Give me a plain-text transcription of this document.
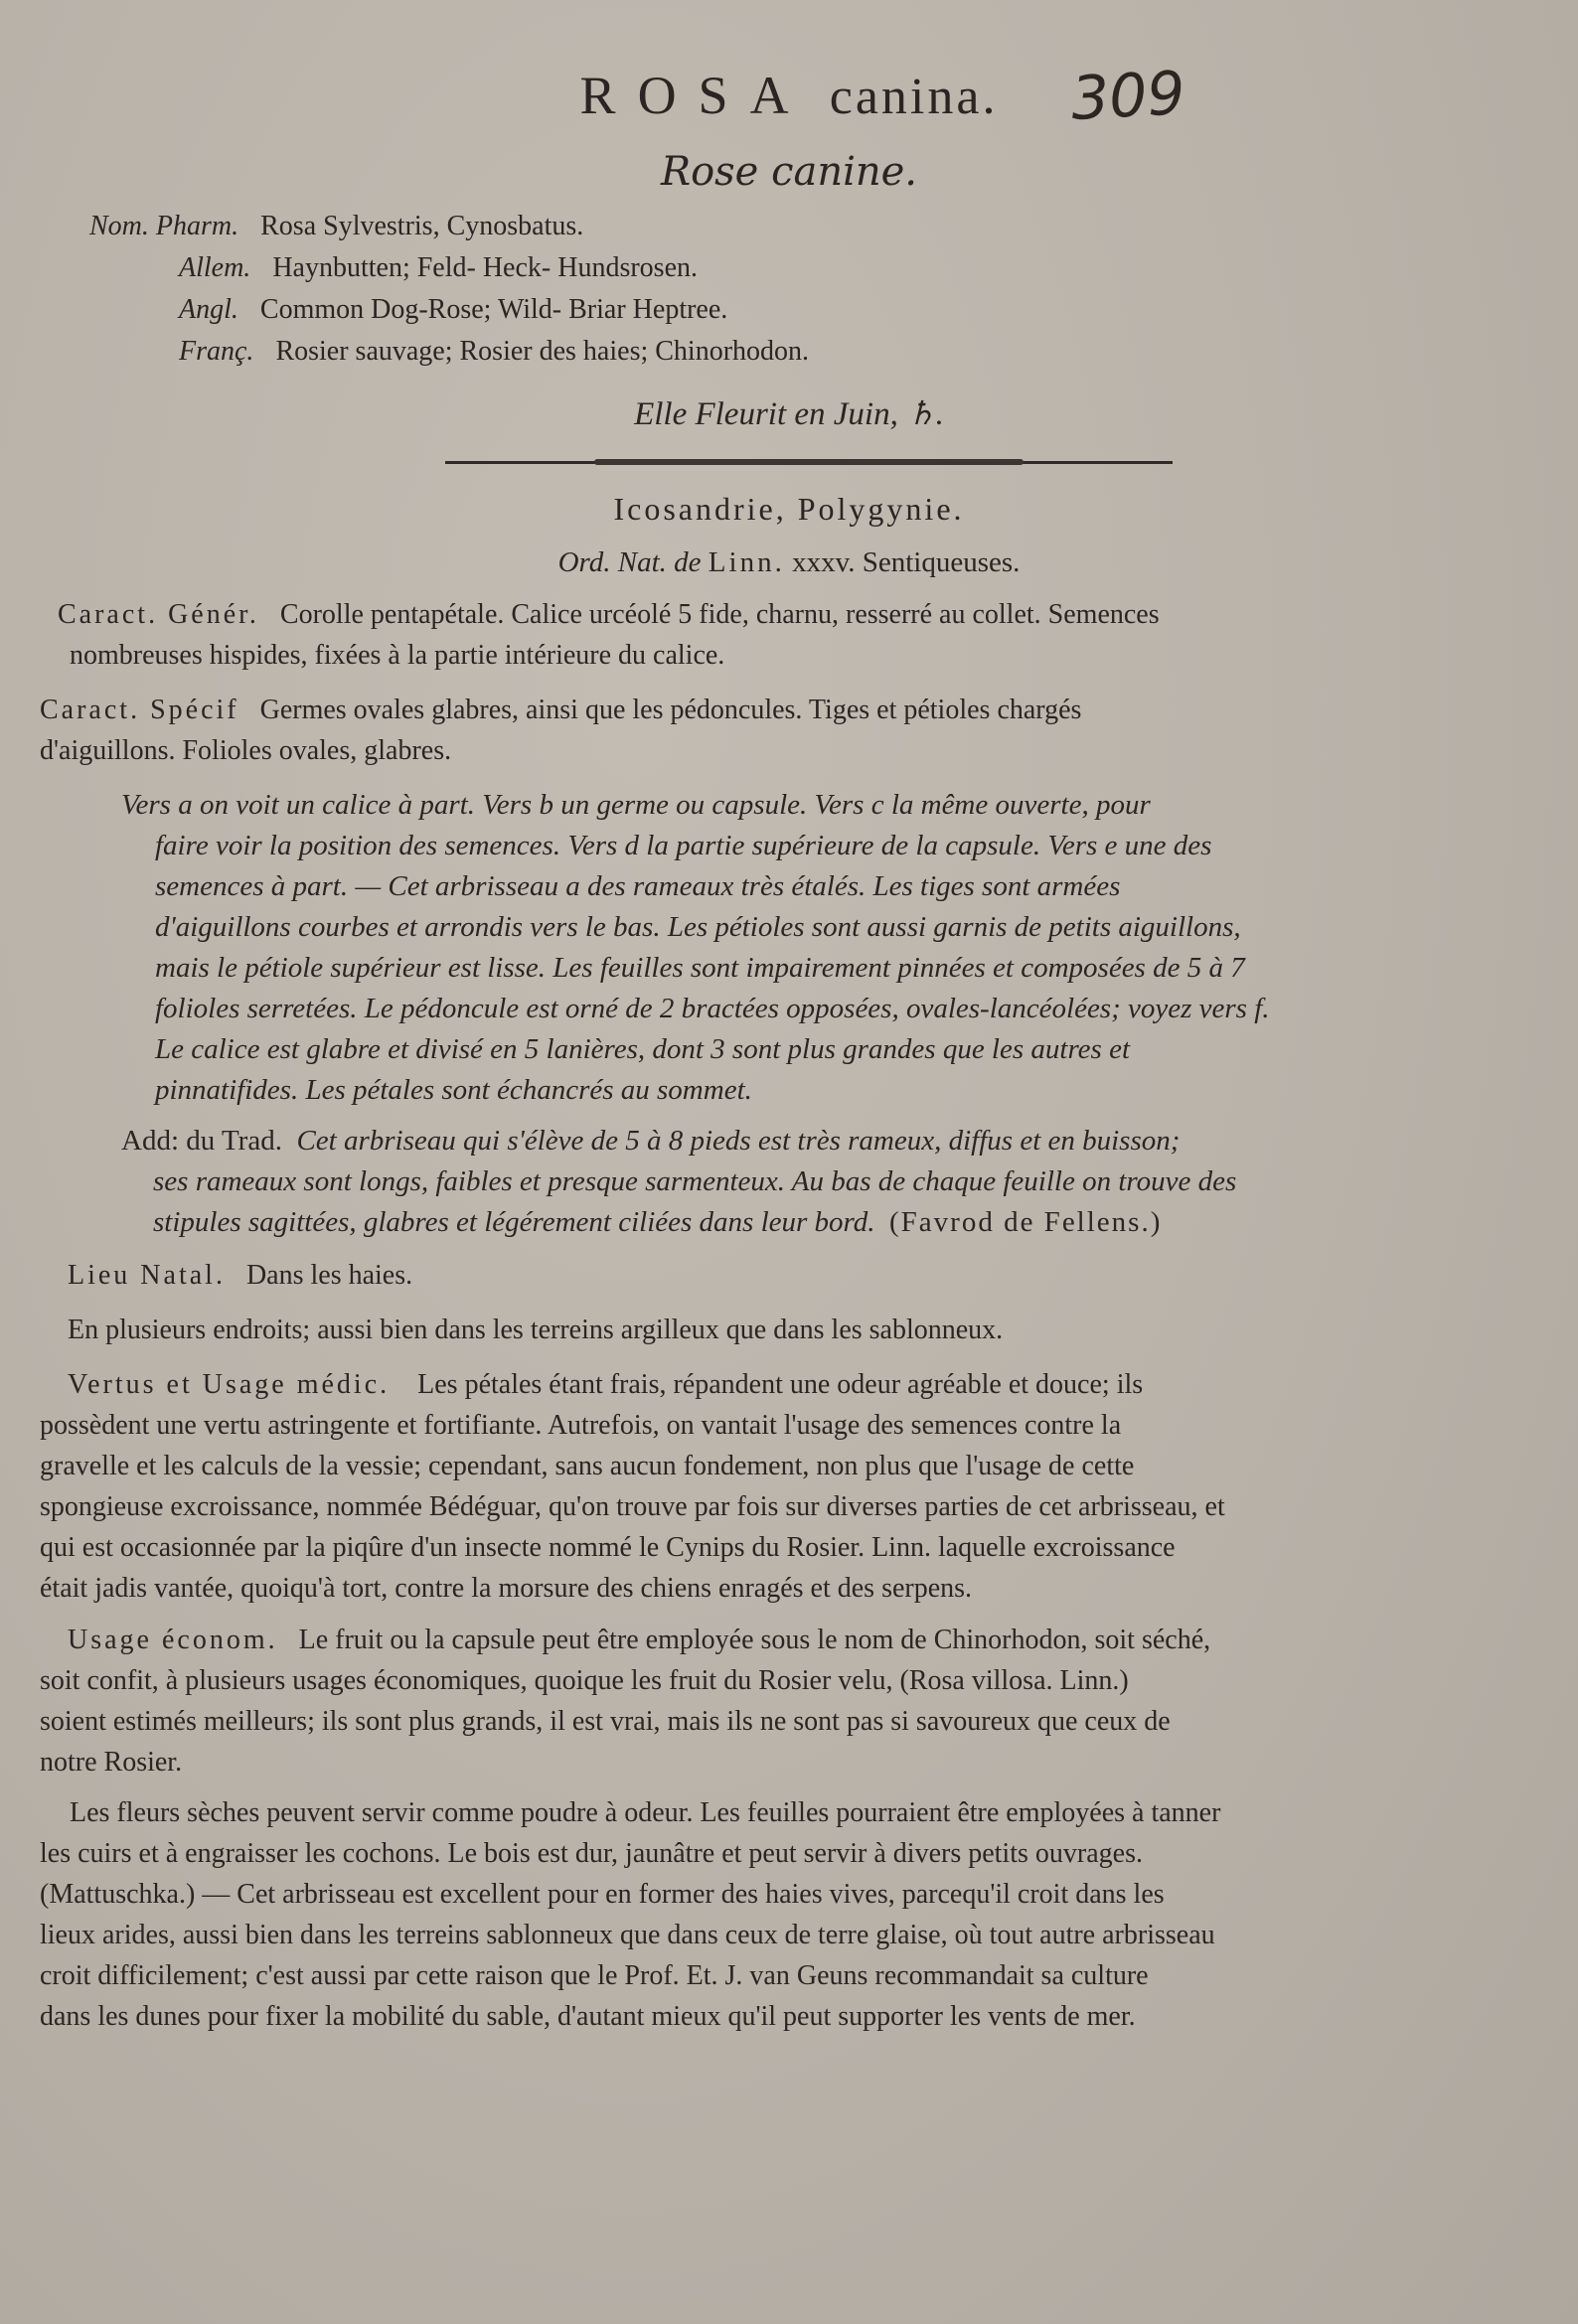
ROSA canina.	309
Rose canine.
Nom. Pharm. Rosa Sylvestris, Cynosbatus.
Allem. Haynbutten; Feld- Heck- Hundsrosen.
Angl. Common Dog-Rose; Wild- Briar Heptree.
Franç. Rosier sauvage; Rosier des haies; Chinorhodon.
Elle Fleurit en Juin, ♄.
Icosandrie, Polygynie.
Ord. Nat. de Linn. xxxv. Sentiqueuses.
Caract. Génér. Corolle pentapétale. Calice urcéolé 5 fide, charnu, resserré au collet. Semences
nombreuses hispides, fixées à la partie intérieure du calice.
Caract. Spécif Germes ovales glabres, ainsi que les pédoncules. Tiges et pétioles chargés
d'aiguillons. Folioles ovales, glabres.
Vers a on voit un calice à part. Vers b un germe ou capsule. Vers c la même ouverte, pour
faire voir la position des semences. Vers d la partie supérieure de la capsule. Vers e une des
semences à part. — Cet arbrisseau a des rameaux très étalés. Les tiges sont armées
d'aiguillons courbes et arrondis vers le bas. Les pétioles sont aussi garnis de petits aiguillons,
mais le pétiole supérieur est lisse. Les feuilles sont impairement pinnées et composées de 5 à 7
folioles serretées. Le pédoncule est orné de 2 bractées opposées, ovales-lancéolées; voyez vers f.
Le calice est glabre et divisé en 5 lanières, dont 3 sont plus grandes que les autres et
pinnatifides. Les pétales sont échancrés au sommet.
Add: du Trad. Cet arbriseau qui s'élève de 5 à 8 pieds est très rameux, diffus et en buisson;
ses rameaux sont longs, faibles et presque sarmenteux. Au bas de chaque feuille on trouve des
stipules sagittées, glabres et légérement ciliées dans leur bord. (Favrod de Fellens.)
Lieu Natal. Dans les haies.
En plusieurs endroits; aussi bien dans les terreins argilleux que dans les sablonneux.
Vertus et Usage médic. Les pétales étant frais, répandent une odeur agréable et douce; ils
possèdent une vertu astringente et fortifiante. Autrefois, on vantait l'usage des semences contre la
gravelle et les calculs de la vessie; cependant, sans aucun fondement, non plus que l'usage de cette
spongieuse excroissance, nommée Bédéguar, qu'on trouve par fois sur diverses parties de cet arbrisseau, et
qui est occasionnée par la piqûre d'un insecte nommé le Cynips du Rosier. Linn. laquelle excroissance
était jadis vantée, quoiqu'à tort, contre la morsure des chiens enragés et des serpens.
Usage économ. Le fruit ou la capsule peut être employée sous le nom de Chinorhodon, soit séché,
soit confit, à plusieurs usages économiques, quoique les fruit du Rosier velu, (Rosa villosa. Linn.)
soient estimés meilleurs; ils sont plus grands, il est vrai, mais ils ne sont pas si savoureux que ceux de
notre Rosier.
Les fleurs sèches peuvent servir comme poudre à odeur. Les feuilles pourraient être employées à tanner
les cuirs et à engraisser les cochons. Le bois est dur, jaunâtre et peut servir à divers petits ouvrages.
(Mattuschka.) — Cet arbrisseau est excellent pour en former des haies vives, parcequ'il croit dans les
lieux arides, aussi bien dans les terreins sablonneux que dans ceux de terre glaise, où tout autre arbrisseau
croit difficilement; c'est aussi par cette raison que le Prof. Et. J. van Geuns recommandait sa culture
dans les dunes pour fixer la mobilité du sable, d'autant mieux qu'il peut supporter les vents de mer.
